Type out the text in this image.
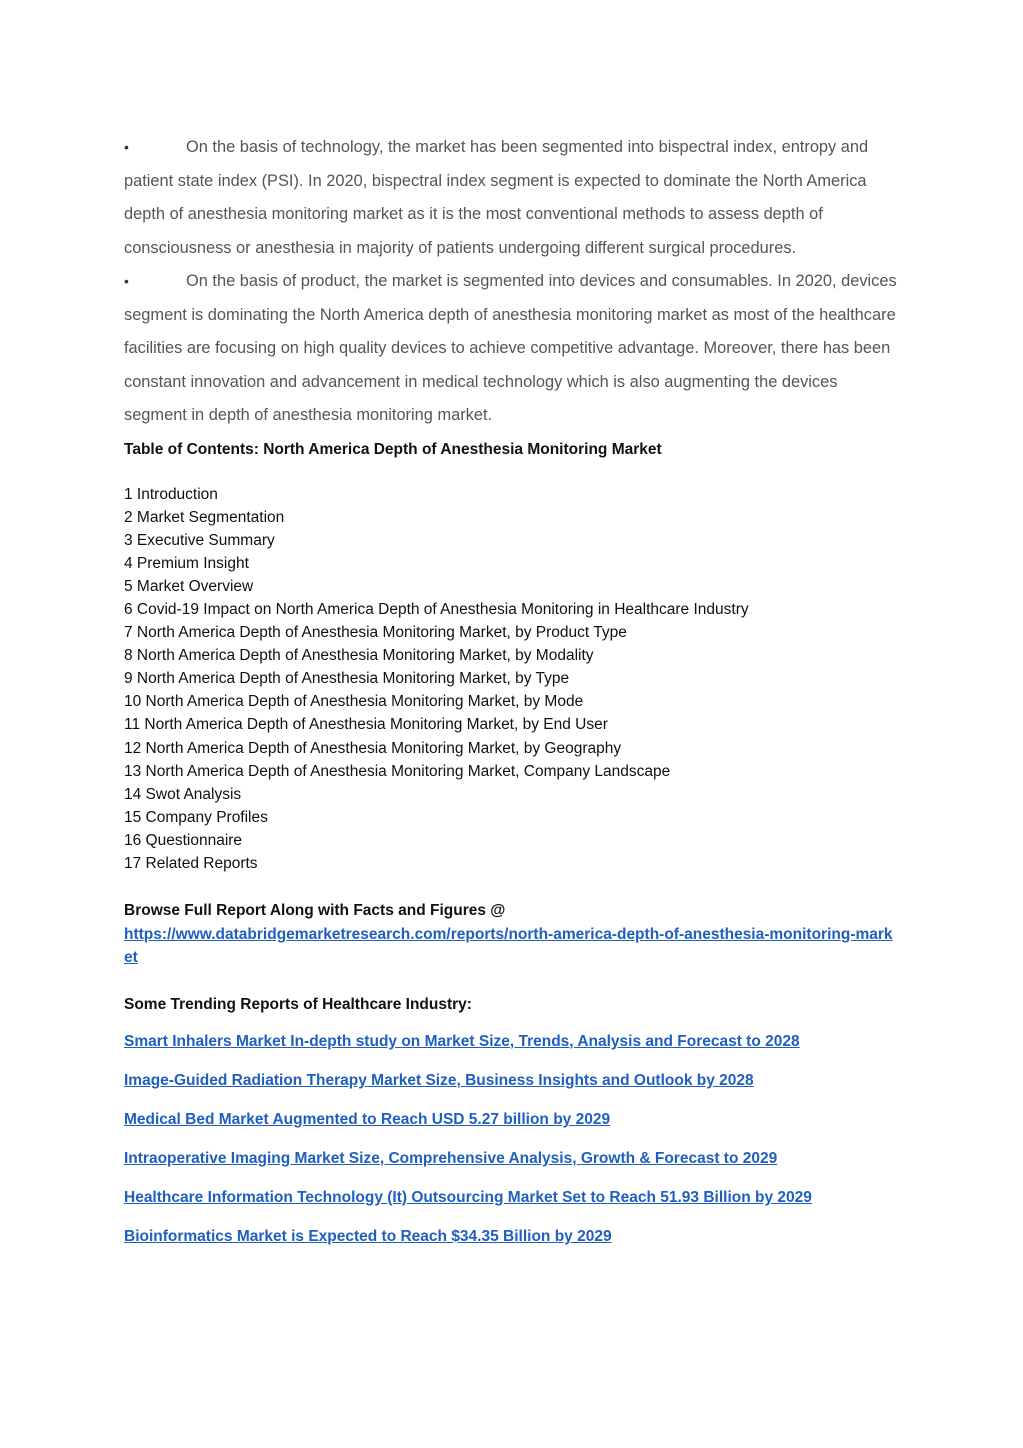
•	On the basis of technology, the market has been segmented into bispectral index, entropy and patient state index (PSI). In 2020, bispectral index segment is expected to dominate the North America depth of anesthesia monitoring market as it is the most conventional methods to assess depth of consciousness or anesthesia in majority of patients undergoing different surgical procedures.
•	On the basis of product, the market is segmented into devices and consumables. In 2020, devices segment is dominating the North America depth of anesthesia monitoring market as most of the healthcare facilities are focusing on high quality devices to achieve competitive advantage. Moreover, there has been constant innovation and advancement in medical technology which is also augmenting the devices segment in depth of anesthesia monitoring market.

Table of Contents: North America Depth of Anesthesia Monitoring Market

1 Introduction
2 Market Segmentation
3 Executive Summary
4 Premium Insight
5 Market Overview
6 Covid-19 Impact on North America Depth of Anesthesia Monitoring in Healthcare Industry
7 North America Depth of Anesthesia Monitoring Market, by Product Type
8 North America Depth of Anesthesia Monitoring Market, by Modality
9 North America Depth of Anesthesia Monitoring Market, by Type
10 North America Depth of Anesthesia Monitoring Market, by Mode
11 North America Depth of Anesthesia Monitoring Market, by End User
12 North America Depth of Anesthesia Monitoring Market, by Geography
13 North America Depth of Anesthesia Monitoring Market, Company Landscape
14 Swot Analysis
15 Company Profiles
16 Questionnaire
17 Related Reports
Browse Full Report Along with Facts and Figures @
https://www.databridgemarketresearch.com/reports/north-america-depth-of-anesthesia-monitoring-market

Some Trending Reports of Healthcare Industry:

Smart Inhalers Market In-depth study on Market Size, Trends, Analysis and Forecast to 2028

Image-Guided Radiation Therapy Market Size, Business Insights and Outlook by 2028

Medical Bed Market Augmented to Reach USD 5.27 billion by 2029

Intraoperative Imaging Market Size, Comprehensive Analysis, Growth & Forecast to 2029

Healthcare Information Technology (It) Outsourcing Market Set to Reach 51.93 Billion by 2029

Bioinformatics Market is Expected to Reach $34.35 Billion by 2029
